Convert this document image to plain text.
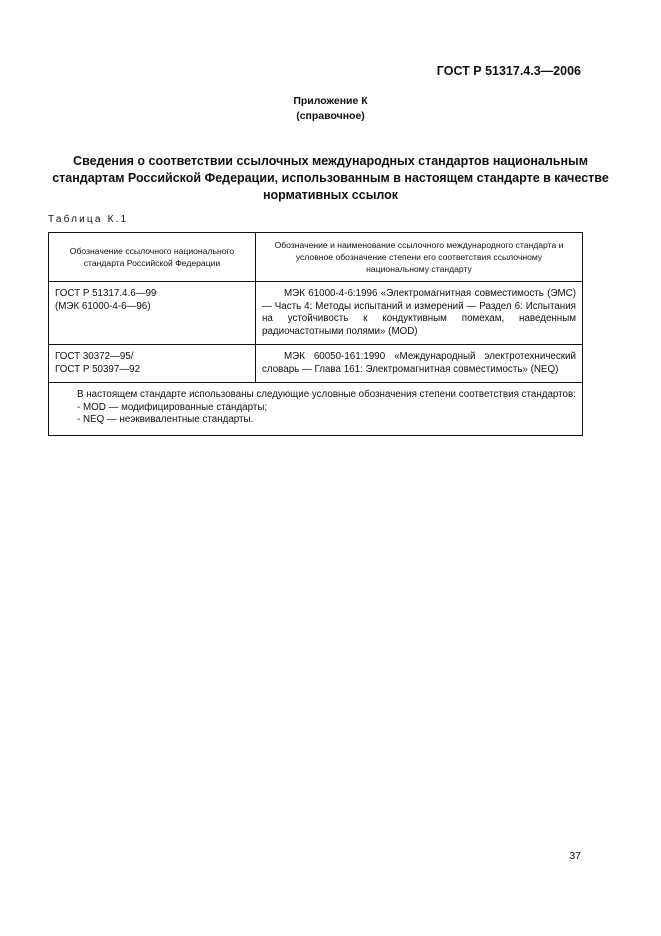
ГОСТ Р 51317.4.3—2006
Приложение К
(справочное)
Сведения о соответствии ссылочных международных стандартов национальным стандартам Российской Федерации, использованным в настоящем стандарте в качестве нормативных ссылок
Таблица К.1
Обозначение ссылочного национального стандарта Российской Федерации	Обозначение и наименование ссылочного международного стандарта и условное обозначение степени его соответствия ссылочному национальному стандарту

ГОСТ Р 51317.4.6—99
(МЭК 61000-4-6—96)	МЭК 61000-4-6:1996 «Электромагнитная совместимость (ЭМС) — Часть 4: Методы испытаний и измерений — Раздел 6: Испытания на устойчивость к кондуктивным помехам, наведенным радиочастотными полями» (MOD)

ГОСТ 30372—95/
ГОСТ Р 50397—92	МЭК 60050-161:1990 «Международный электротехнический словарь — Глава 161: Электромагнитная совместимость» (NEQ)

В настоящем стандарте использованы следующие условные обозначения степени соответствия стандартов:
- MOD — модифицированные стандарты;
- NEQ — неэквивалентные стандарты.	
37
